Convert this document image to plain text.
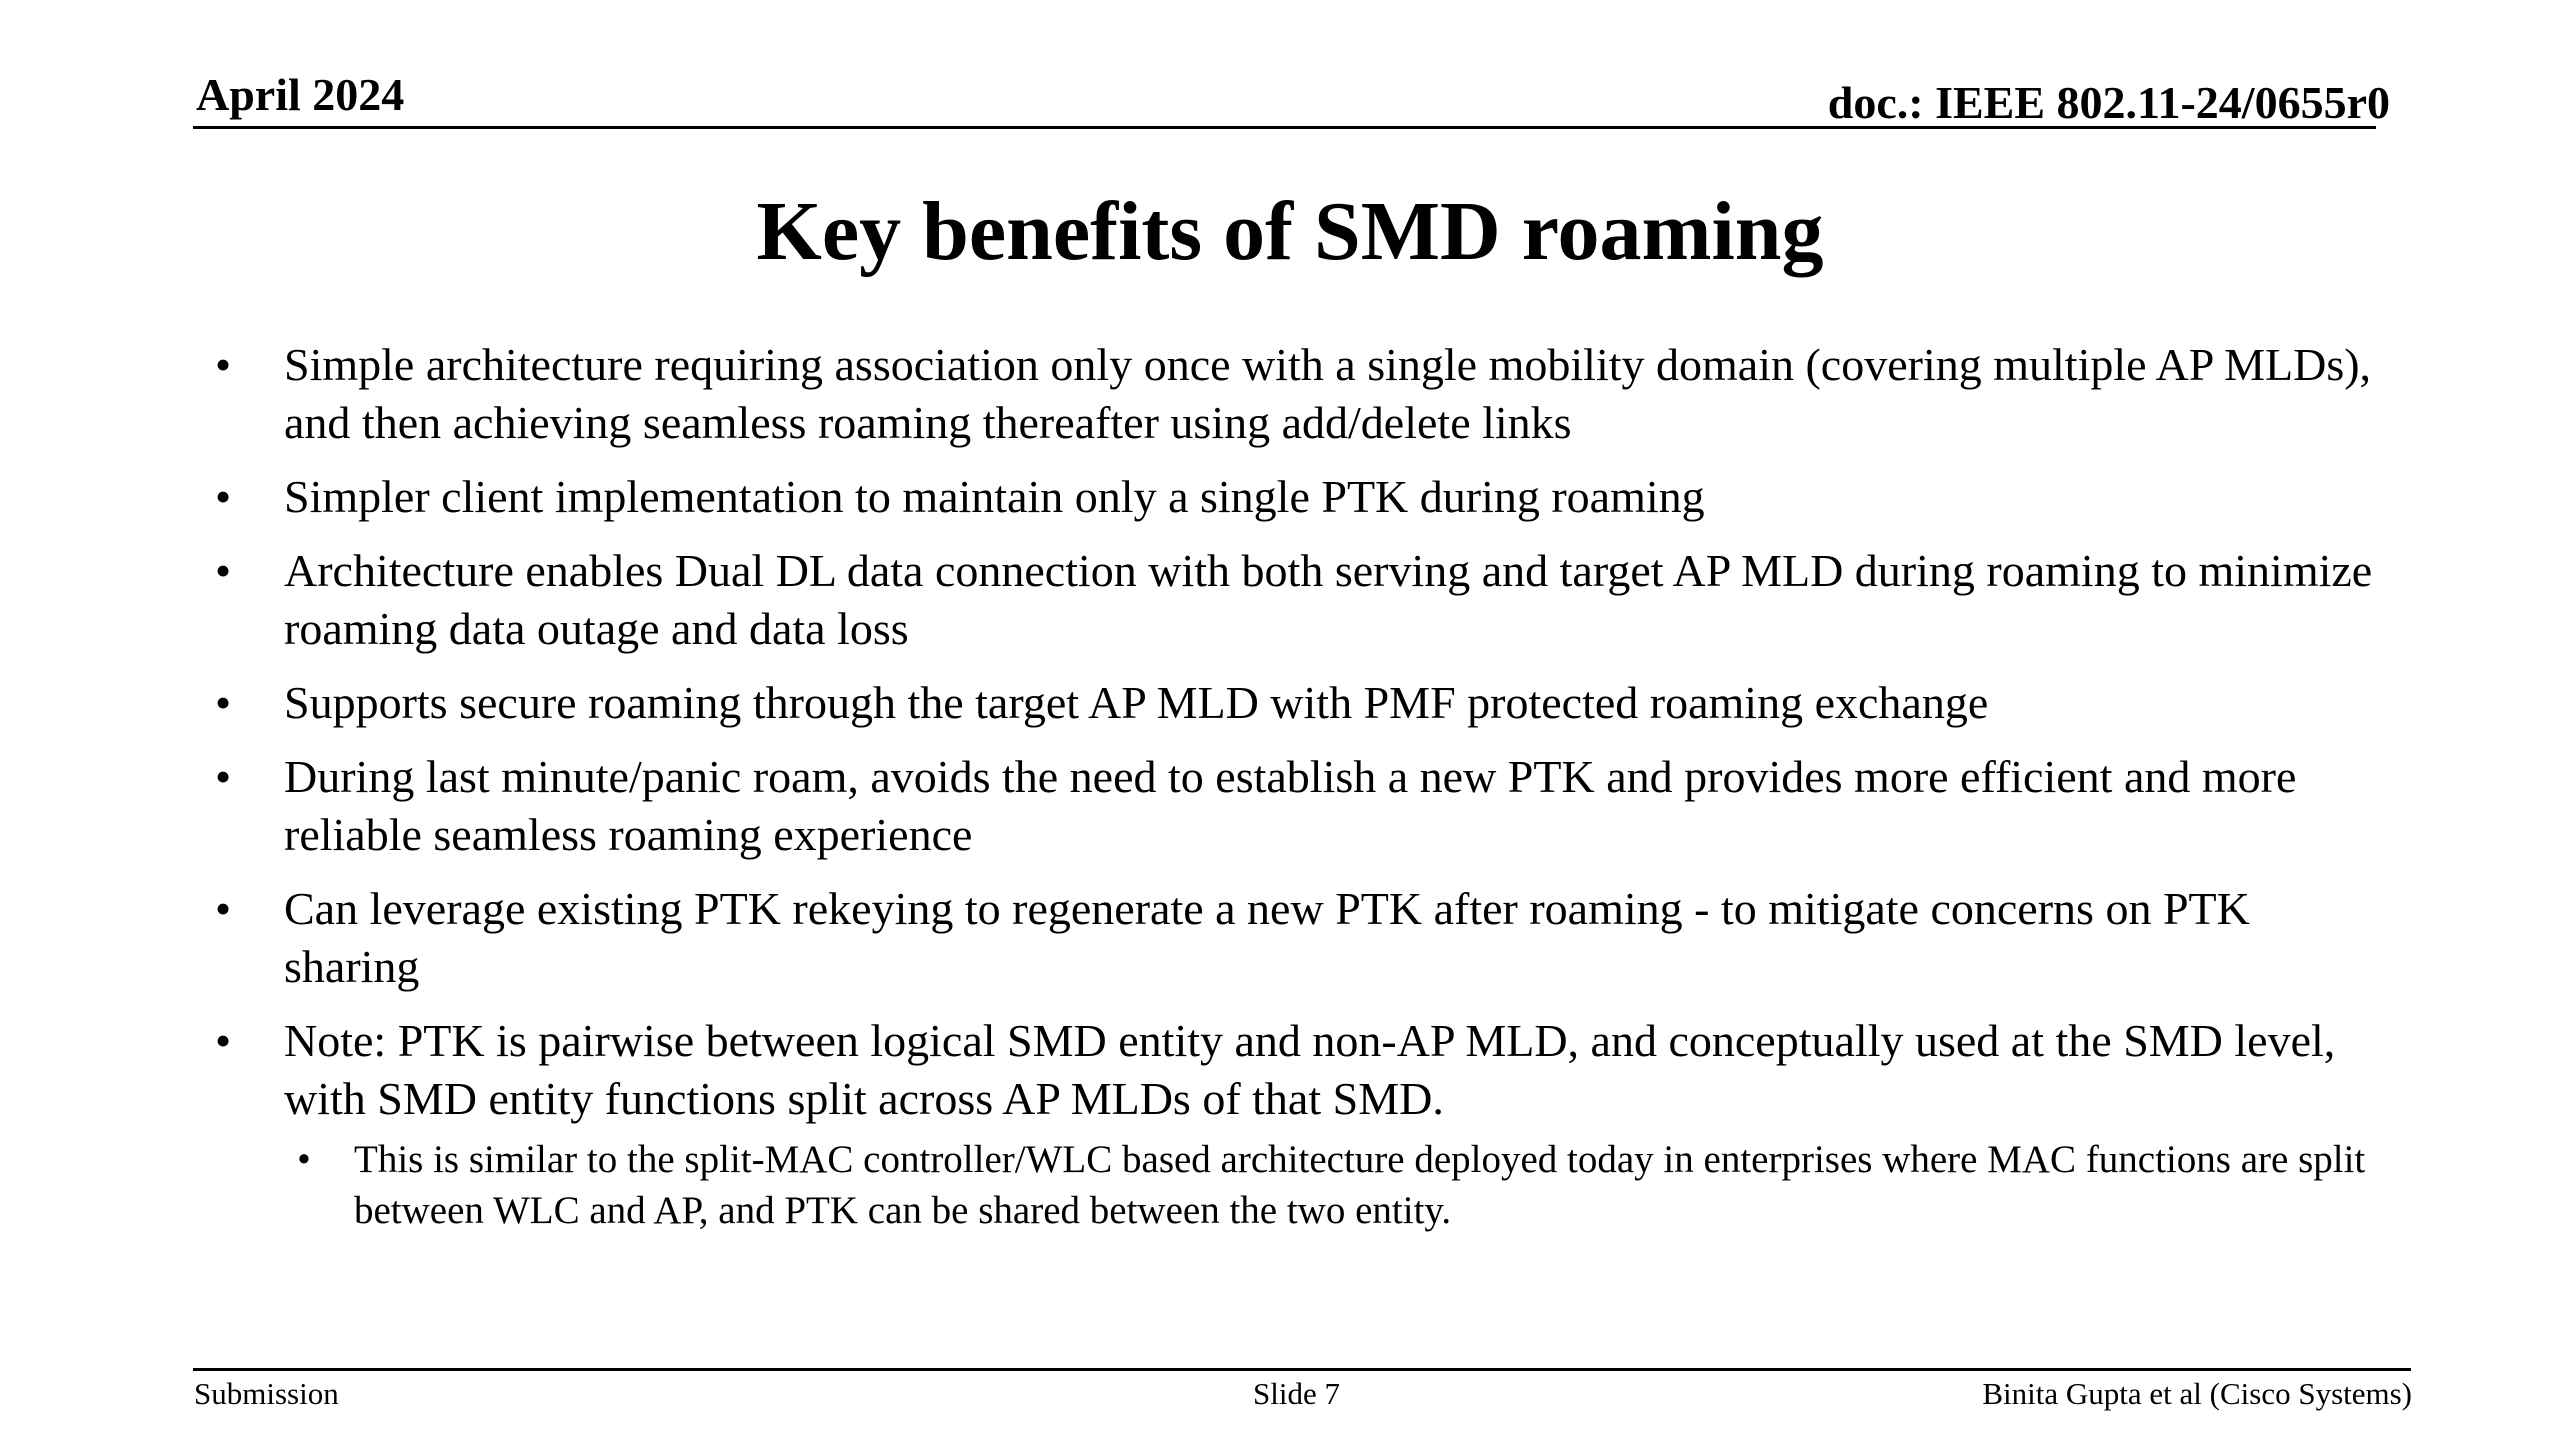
April 2024	doc.: IEEE 802.11-24/0655r0
Key benefits of SMD roaming
• Simple architecture requiring association only once with a single mobility domain (covering multiple AP MLDs), and then achieving seamless roaming thereafter using add/delete links
• Simpler client implementation to maintain only a single PTK during roaming
• Architecture enables Dual DL data connection with both serving and target AP MLD during roaming to minimize roaming data outage and data loss
• Supports secure roaming through the target AP MLD with PMF protected roaming exchange
• During last minute/panic roam, avoids the need to establish a new PTK and provides more efficient and more reliable seamless roaming experience
• Can leverage existing PTK rekeying to regenerate a new PTK after roaming - to mitigate concerns on PTK sharing
• Note: PTK is pairwise between logical SMD entity and non-AP MLD, and conceptually used at the SMD level, with SMD entity functions split across AP MLDs of that SMD.
• This is similar to the split-MAC controller/WLC based architecture deployed today in enterprises where MAC functions are split between WLC and AP, and PTK can be shared between the two entity.
Submission	Slide 7	Binita Gupta et al (Cisco Systems)
